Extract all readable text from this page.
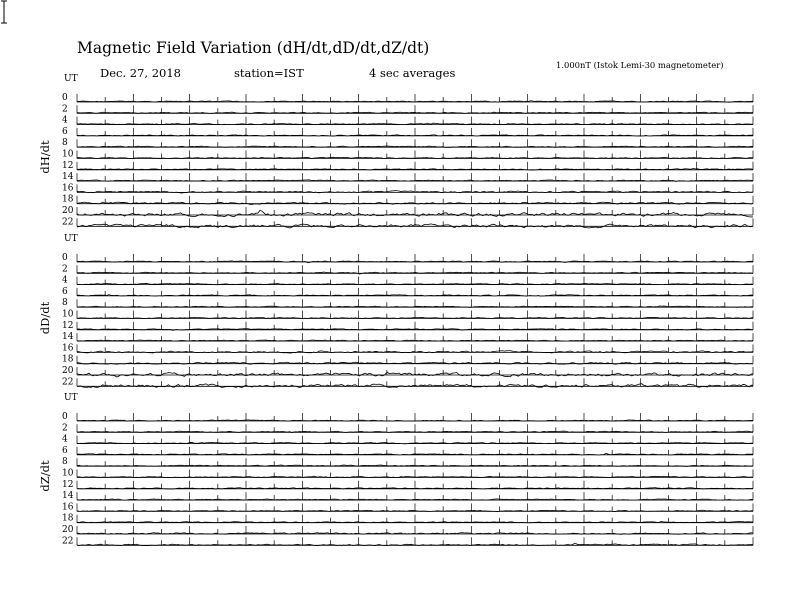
Magnetic Field Variation (dH/dt,dD/dt,dZ/dt)
Dec. 27, 2018	station=IST	4 sec averages
1.000nT (Istok Lemi-30 magnetometer)
UT
dH/dt
0
2
4
6
8
10
12
14
16
18
20
22
UT
dD/dt
0
2
4
6
8
10
12
14
16
18
20
22
UT
dZ/dt
0
2
4
6
8
10
12
14
16
18
20
22
